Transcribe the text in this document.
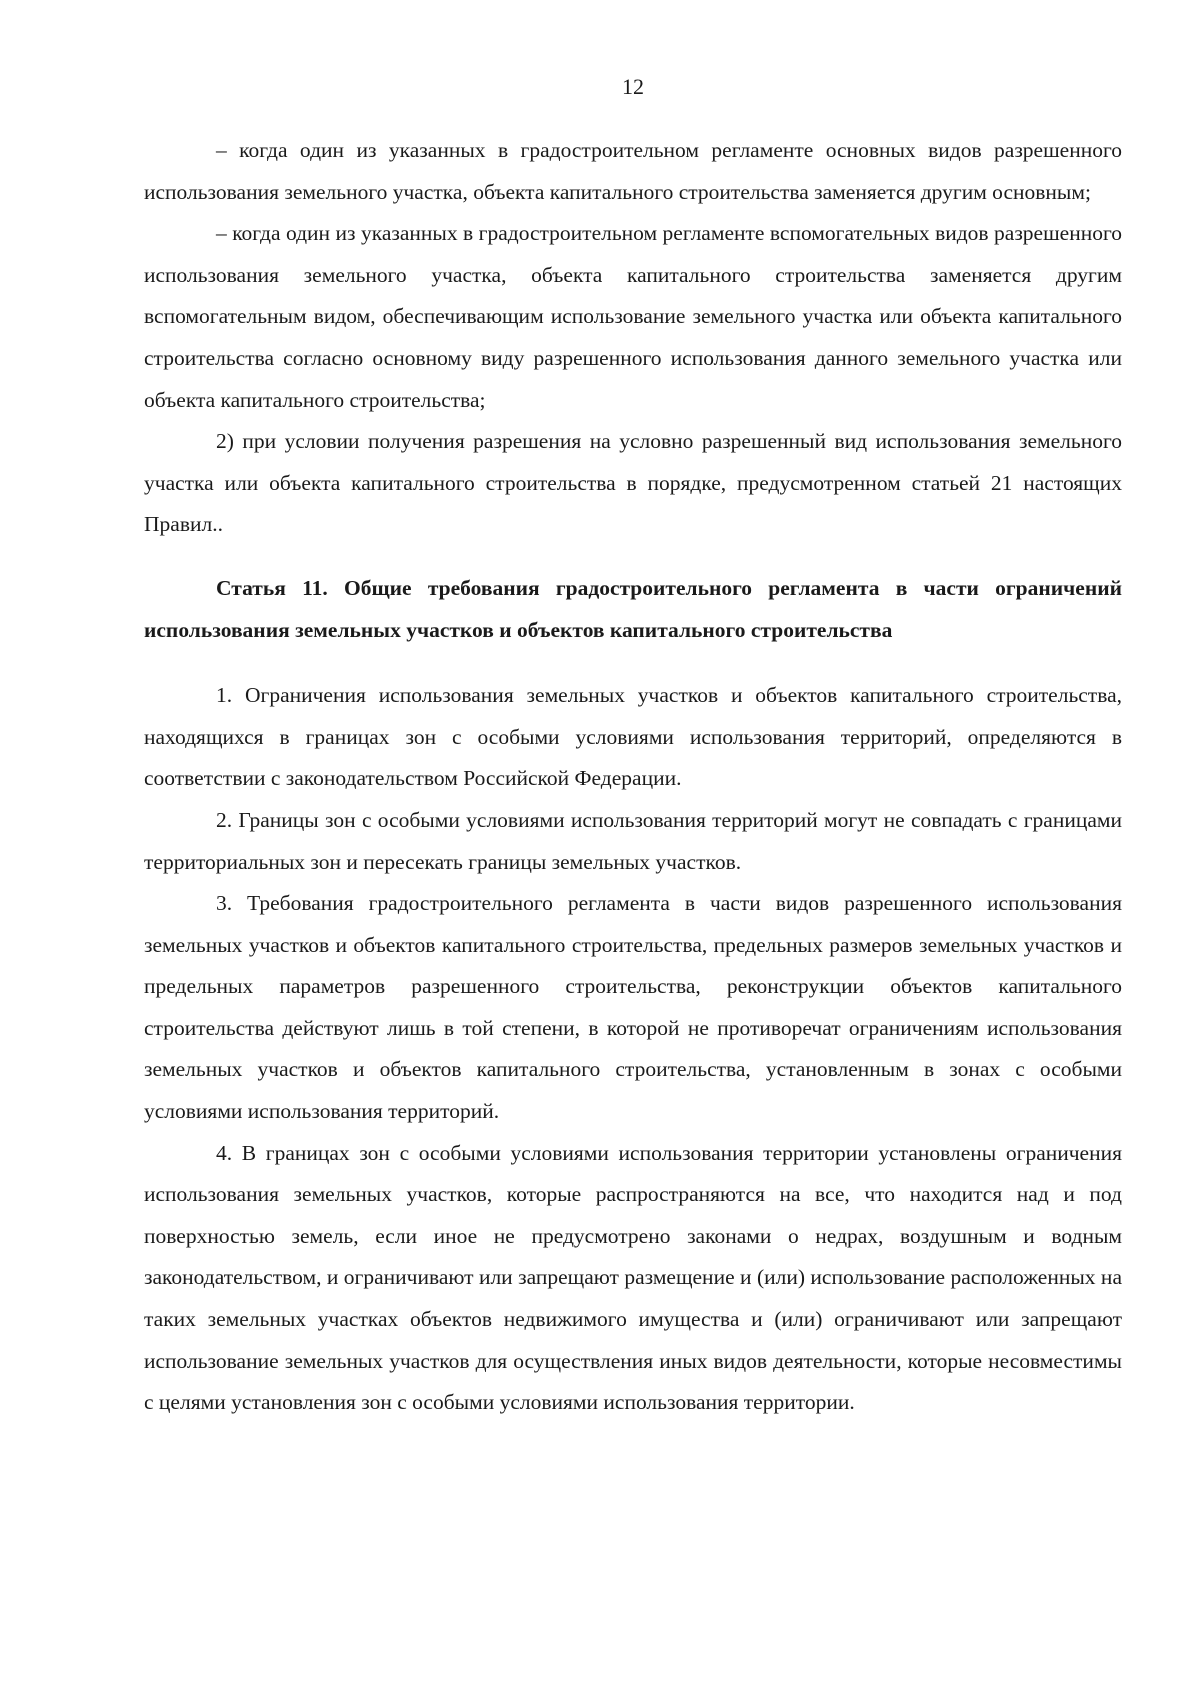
12

– когда один из указанных в градостроительном регламенте основных видов разрешенного использования земельного участка, объекта капитального строительства заменяется другим основным;

– когда один из указанных в градостроительном регламенте вспомогательных видов разрешенного использования земельного участка, объекта капитального строительства заменяется другим вспомогательным видом, обеспечивающим использование земельного участка или объекта капитального строительства согласно основному виду разрешенного использования данного земельного участка или объекта капитального строительства;

2) при условии получения разрешения на условно разрешенный вид использования земельного участка или объекта капитального строительства в порядке, предусмотренном статьей 21 настоящих Правил..

Статья 11. Общие требования градостроительного регламента в части ограничений использования земельных участков и объектов капитального строительства

1. Ограничения использования земельных участков и объектов капитального строительства, находящихся в границах зон с особыми условиями использования территорий, определяются в соответствии с законодательством Российской Федерации.

2. Границы зон с особыми условиями использования территорий могут не совпадать с границами территориальных зон и пересекать границы земельных участков.

3. Требования градостроительного регламента в части видов разрешенного использования земельных участков и объектов капитального строительства, предельных размеров земельных участков и предельных параметров разрешенного строительства, реконструкции объектов капитального строительства действуют лишь в той степени, в которой не противоречат ограничениям использования земельных участков и объектов капитального строительства, установленным в зонах с особыми условиями использования территорий.

4. В границах зон с особыми условиями использования территории установлены ограничения использования земельных участков, которые распространяются на все, что находится над и под поверхностью земель, если иное не предусмотрено законами о недрах, воздушным и водным законодательством, и ограничивают или запрещают размещение и (или) использование расположенных на таких земельных участках объектов недвижимого имущества и (или) ограничивают или запрещают использование земельных участков для осуществления иных видов деятельности, которые несовместимы с целями установления зон с особыми условиями использования территории.
